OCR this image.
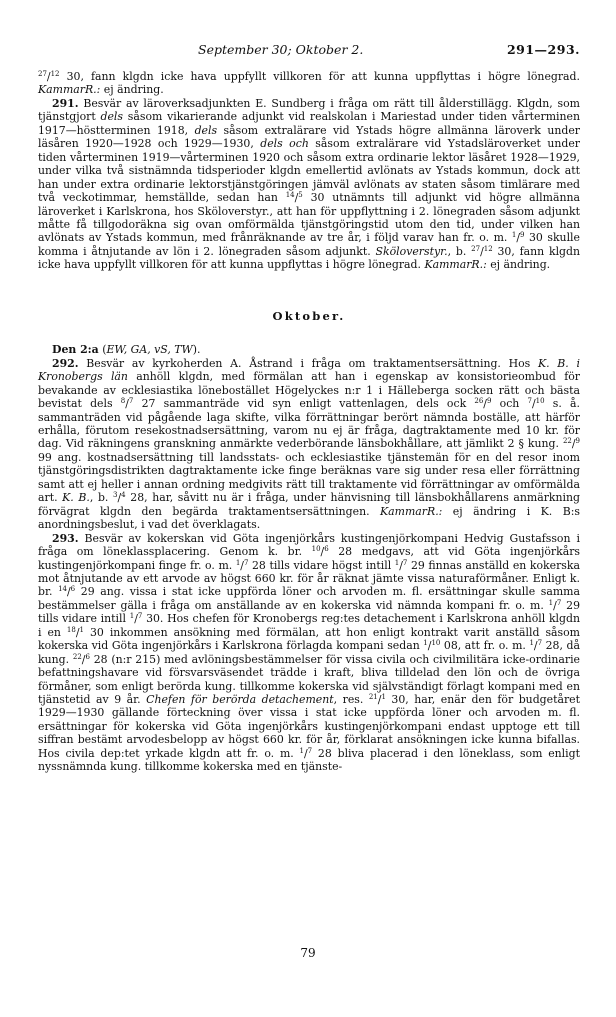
September 30; Oktober 2.	291—293.

$^{27}$/$^{12}$ 30, fann klgdn icke hava uppfyllt villkoren för att kunna uppflyttas i högre lönegrad. KammarR.: ej ändring.

291. Besvär av läroverksadjunkten E. Sundberg i fråga om rätt till ålderstillägg. Klgdn, som tjänstgjort dels såsom vikarierande adjunkt vid realskolan i Mariestad under tiden vårterminen 1917—höstterminen 1918, dels såsom extralärare vid Ystads högre allmänna läroverk under läsåren 1920—1928 och 1929—1930, dels och såsom extralärare vid Ystadsläroverket under tiden vårterminen 1919—vårterminen 1920 och såsom extra ordinarie lektor läsåret 1928—1929, under vilka två sistnämnda tidsperioder klgdn emellertid avlönats av Ystads kommun, dock att han under extra ordinarie lektorstjänstgöringen jämväl avlönats av staten såsom timlärare med två veckotimmar, hemställde, sedan han $^{14}$/$^5$ 30 utnämnts till adjunkt vid högre allmänna läroverket i Karlskrona, hos Sköloverstyr., att han för uppflyttning i 2. lönegraden såsom adjunkt måtte få tillgodoräkna sig ovan omförmälda tjänstgöringstid utom den tid, under vilken han avlönats av Ystads kommun, med frånräknande av tre år, i följd varav han fr. o. m. $^1$/$^9$ 30 skulle komma i åtnjutande av lön i 2. lönegraden såsom adjunkt. Sköloverstyr., b. $^{27}$/$^{12}$ 30, fann klgdn icke hava uppfyllt villkoren för att kunna uppflyttas i högre lönegrad. KammarR.: ej ändring.

Oktober.

Den 2:a (EW, GA, vS, TW).
292. Besvär av kyrkoherden A. Åstrand i fråga om traktamentsersättning. Hos K. B. i Kronobergs län anhöll klgdn, med förmälan att han i egenskap av konsistorieombud för bevakande av ecklesiastika lönebostället Högelyckes n:r 1 i Hälleberga socken rätt och bästa bevistat dels $^8$/$^7$ 27 sammanträde vid syn enligt vattenlagen, dels ock $^{26}$/$^9$ och $^7$/$^{10}$ s. å. sammanträden vid pågående laga skifte, vilka förrättningar berört nämnda boställe, att härför erhålla, förutom resekostnadsersättning, varom nu ej är fråga, dagtraktamente med 10 kr. för dag. Vid räkningens granskning anmärkte vederbörande länsbokhållare, att jämlikt 2 § kung. $^{22}$/$^9$ 99 ang. kostnadsersättning till landsstats- och ecklesiastike tjänstemän för en del resor inom tjänstgöringsdistrikten dagtraktamente icke finge beräknas vare sig under resa eller förrättning samt att ej heller i annan ordning medgivits rätt till traktamente vid förrättningar av omförmälda art. K. B., b. $^3$/$^4$ 28, har, såvitt nu är i fråga, under hänvisning till länsbokhållarens anmärkning förvägrat klgdn den begärda traktamentsersättningen. KammarR.: ej ändring i K. B:s anordningsbeslut, i vad det överklagats.

293. Besvär av kokerskan vid Göta ingenjörkårs kustingenjörkompani Hedvig Gustafsson i fråga om löneklassplacering. Genom k. br. $^{10}$/$^6$ 28 medgavs, att vid Göta ingenjörkårs kustingenjörkompani finge fr. o. m. $^1$/$^7$ 28 tills vidare högst intill $^1$/$^7$ 29 finnas anställd en kokerska mot åtnjutande av ett arvode av högst 660 kr. för år räknat jämte vissa naturaförmåner. Enligt k. br. $^{14}$/$^6$ 29 ang. vissa i stat icke uppförda löner och arvoden m. fl. ersättningar skulle samma bestämmelser gälla i fråga om anställande av en kokerska vid nämnda kompani fr. o. m. $^1$/$^7$ 29 tills vidare intill $^1$/$^7$ 30. Hos chefen för Kronobergs reg:tes detachement i Karlskrona anhöll klgdn i en $^{18}$/$^1$ 30 inkommen ansökning med förmälan, att hon enligt kontrakt varit anställd såsom kokerska vid Göta ingenjörkårs i Karlskrona förlagda kompani sedan $^1$/$^{10}$ 08, att fr. o. m. $^1$/$^7$ 28, då kung. $^{22}$/$^6$ 28 (n:r 215) med avlöningsbestämmelser för vissa civila och civilmilitära icke-ordinarie befattningshavare vid försvarsväsendet trädde i kraft, bliva tilldelad den lön och de övriga förmåner, som enligt berörda kung. tillkomme kokerska vid självständigt förlagt kompani med en tjänstetid av 9 år. Chefen för berörda detachement, res. $^{21}$/$^1$ 30, har, enär den för budgetåret 1929—1930 gällande förteckning över vissa i stat icke uppförda löner och arvoden m. fl. ersättningar för kokerska vid Göta ingenjörkårs kustingenjörkompani endast upptoge ett till siffran bestämt arvodesbelopp av högst 660 kr. för år, förklarat ansökningen icke kunna bifallas. Hos civila dep:tet yrkade klgdn att fr. o. m. $^1$/$^7$ 28 bliva placerad i den löneklass, som enligt nyssnämnda kung. tillkomme kokerska med en tjänste-

79
